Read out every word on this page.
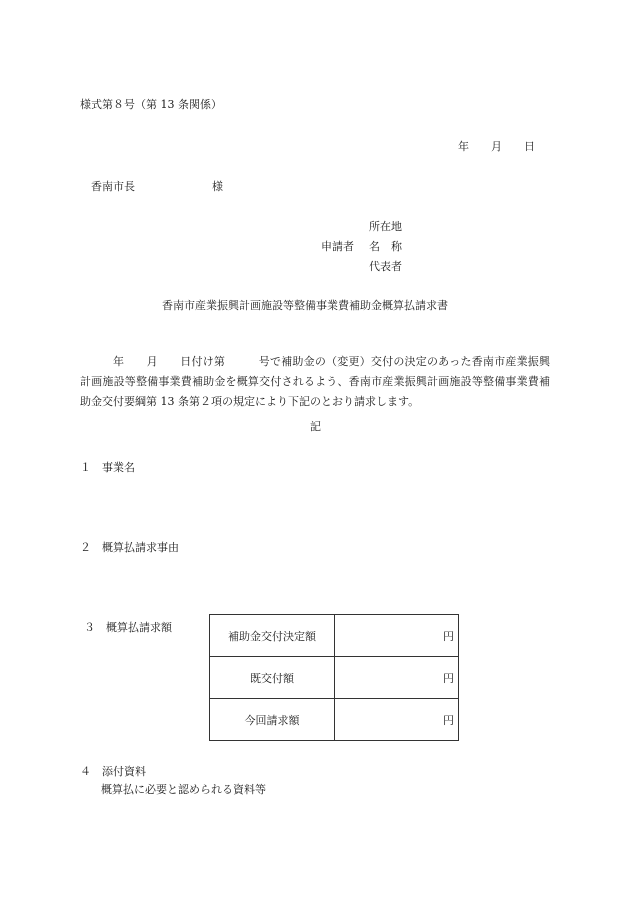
様式第８号（第 13 条関係）
年　　月　　日
香南市長　　　　　　　様
所在地
申請者 名　称
代表者
香南市産業振興計画施設等整備事業費補助金概算払請求書
年　　月　　日付け第　　　号で補助金の（変更）交付の決定のあった香南市産業振興計画施設等整備事業費補助金を概算交付されるよう、香南市産業振興計画施設等整備事業費補助金交付要綱第 13 条第２項の規定により下記のとおり請求します。
記
１　事業名
２　概算払請求事由
３　概算払請求額
補助金交付決定額	円
既交付額	円
今回請求額	円
４　添付資料
概算払に必要と認められる資料等
